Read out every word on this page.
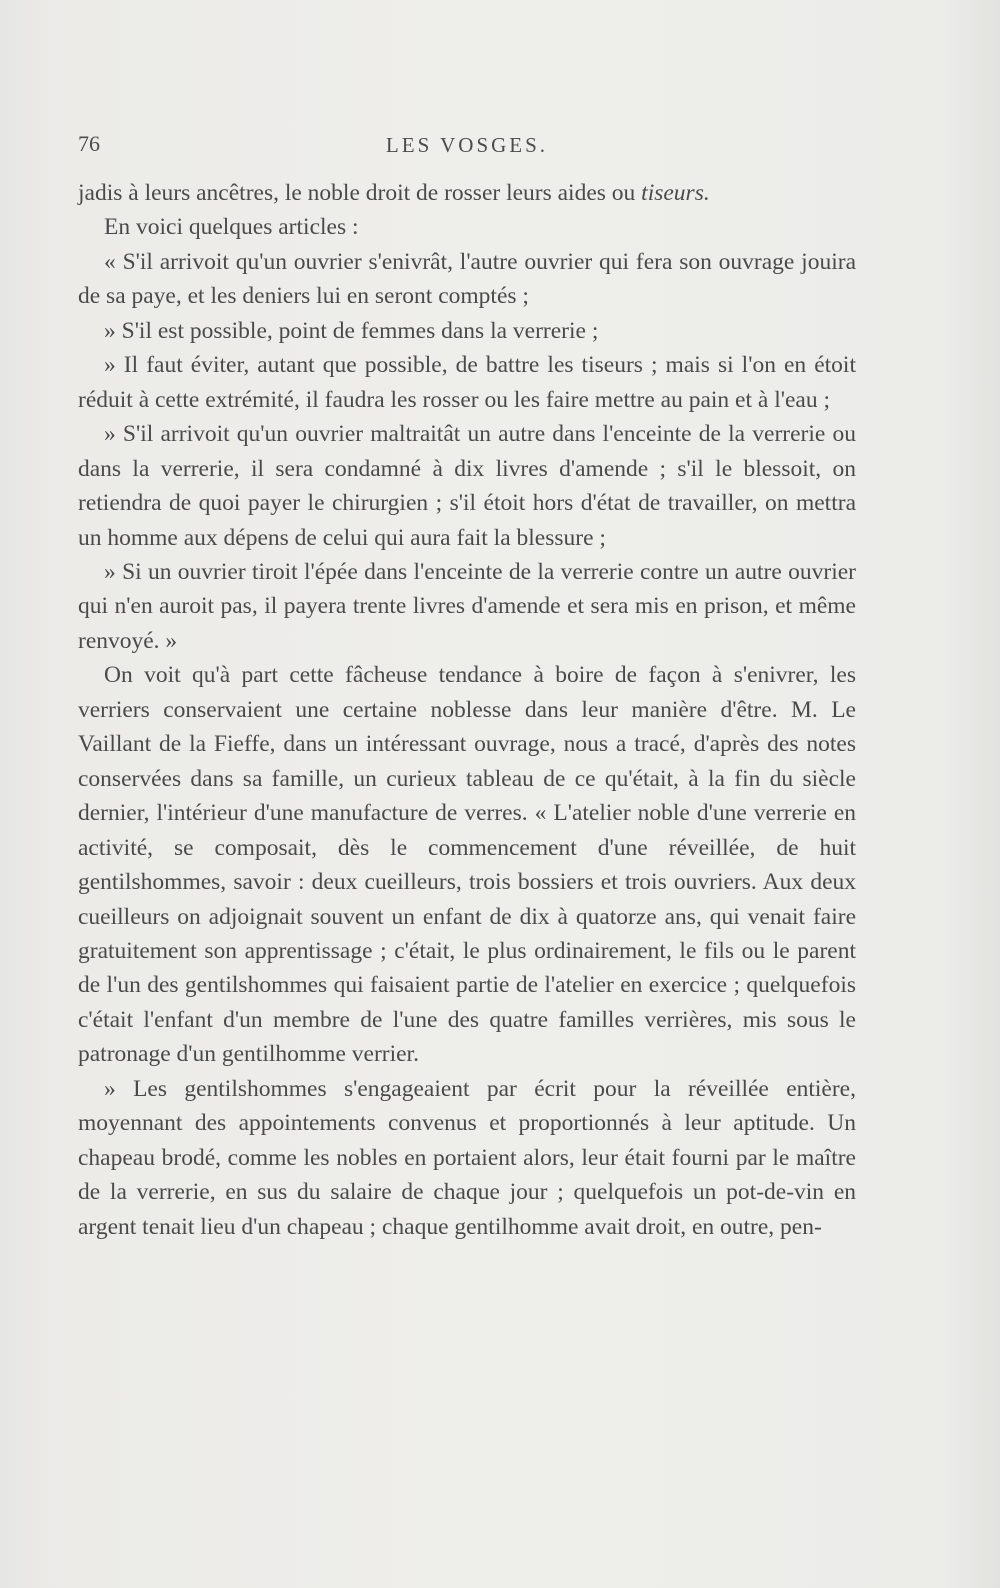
76	LES VOSGES.

jadis à leurs ancêtres, le noble droit de rosser leurs aides ou tiseurs.

En voici quelques articles :

« S'il arrivoit qu'un ouvrier s'enivrât, l'autre ouvrier qui fera son ouvrage jouira de sa paye, et les deniers lui en seront comptés ;

» S'il est possible, point de femmes dans la verrerie ;

» Il faut éviter, autant que possible, de battre les tiseurs ; mais si l'on en étoit réduit à cette extrémité, il faudra les rosser ou les faire mettre au pain et à l'eau ;

» S'il arrivoit qu'un ouvrier maltraitât un autre dans l'enceinte de la verrerie ou dans la verrerie, il sera condamné à dix livres d'amende ; s'il le blessoit, on retiendra de quoi payer le chirurgien ; s'il étoit hors d'état de travailler, on mettra un homme aux dépens de celui qui aura fait la blessure ;

» Si un ouvrier tiroit l'épée dans l'enceinte de la verrerie contre un autre ouvrier qui n'en auroit pas, il payera trente livres d'amende et sera mis en prison, et même renvoyé. »

On voit qu'à part cette fâcheuse tendance à boire de façon à s'enivrer, les verriers conservaient une certaine noblesse dans leur manière d'être. M. Le Vaillant de la Fieffe, dans un intéressant ouvrage, nous a tracé, d'après des notes conservées dans sa famille, un curieux tableau de ce qu'était, à la fin du siècle dernier, l'intérieur d'une manufacture de verres. « L'atelier noble d'une verrerie en activité, se composait, dès le commencement d'une réveillée, de huit gentilshommes, savoir : deux cueilleurs, trois bossiers et trois ouvriers. Aux deux cueilleurs on adjoignait souvent un enfant de dix à quatorze ans, qui venait faire gratuitement son apprentissage ; c'était, le plus ordinairement, le fils ou le parent de l'un des gentilshommes qui faisaient partie de l'atelier en exercice ; quelquefois c'était l'enfant d'un membre de l'une des quatre familles verrières, mis sous le patronage d'un gentilhomme verrier.

» Les gentilshommes s'engageaient par écrit pour la réveillée entière, moyennant des appointements convenus et proportionnés à leur aptitude. Un chapeau brodé, comme les nobles en portaient alors, leur était fourni par le maître de la verrerie, en sus du salaire de chaque jour ; quelquefois un pot-de-vin en argent tenait lieu d'un chapeau ; chaque gentilhomme avait droit, en outre, pen-
